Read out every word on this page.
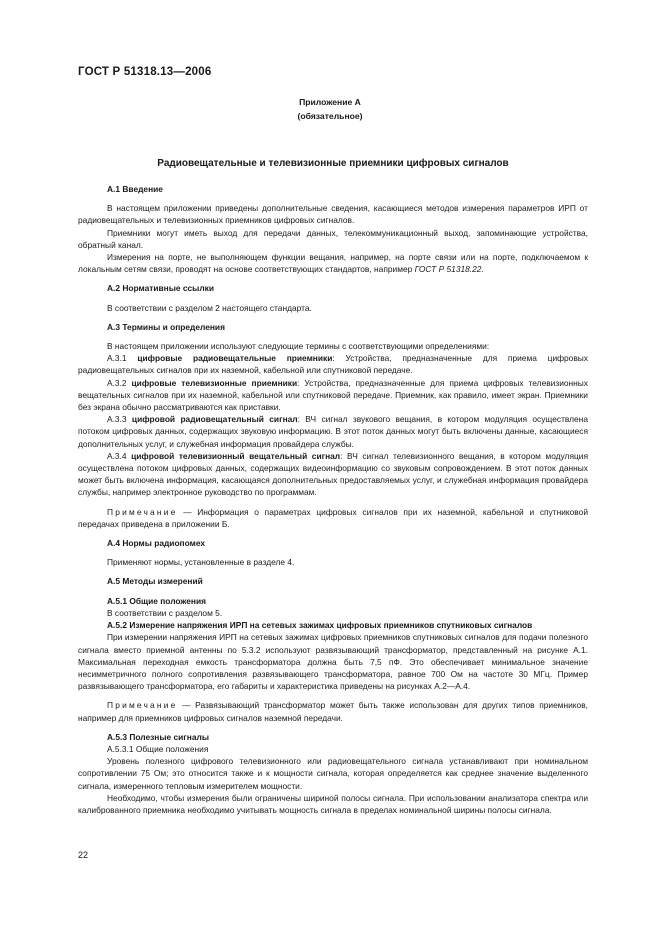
ГОСТ Р 51318.13—2006
Приложение А
(обязательное)
Радиовещательные и телевизионные приемники цифровых сигналов

А.1 Введение

В настоящем приложении приведены дополнительные сведения, касающиеся методов измерения параметров ИРП от радиовещательных и телевизионных приемников цифровых сигналов.

Приемники могут иметь выход для передачи данных, телекоммуникационный выход, запоминающие устройства, обратный канал.

Измерения на порте, не выполняющем функции вещания, например, на порте связи или на порте, подключаемом к локальным сетям связи, проводят на основе соответствующих стандартов, например ГОСТ Р 51318.22.

А.2 Нормативные ссылки

В соответствии с разделом 2 настоящего стандарта.

А.3 Термины и определения

В настоящем приложении используют следующие термины с соответствующими определениями:

А.3.1 цифровые радиовещательные приемники: Устройства, предназначенные для приема цифровых радиовещательных сигналов при их наземной, кабельной или спутниковой передаче.

А.3.2 цифровые телевизионные приемники: Устройства, предназначенные для приема цифровых телевизионных вещательных сигналов при их наземной, кабельной или спутниковой передаче. Приемник, как правило, имеет экран. Приемники без экрана обычно рассматриваются как приставки.

А.3.3 цифровой радиовещательный сигнал: ВЧ сигнал звукового вещания, в котором модуляция осуществлена потоком цифровых данных, содержащих звуковую информацию. В этот поток данных могут быть включены данные, касающиеся дополнительных услуг, и служебная информация провайдера службы.

А.3.4 цифровой телевизионный вещательный сигнал: ВЧ сигнал телевизионного вещания, в котором модуляция осуществлена потоком цифровых данных, содержащих видеоинформацию со звуковым сопровождением. В этот поток данных может быть включена информация, касающаяся дополнительных предоставляемых услуг, и служебная информация провайдера службы, например электронное руководство по программам.

Примечание — Информация о параметрах цифровых сигналов при их наземной, кабельной и спутниковой передачах приведена в приложении Б.

А.4 Нормы радиопомех

Применяют нормы, установленные в разделе 4.

А.5 Методы измерений

А.5.1 Общие положения

В соответствии с разделом 5.

А.5.2 Измерение напряжения ИРП на сетевых зажимах цифровых приемников спутниковых сигналов

При измерении напряжения ИРП на сетевых зажимах цифровых приемников спутниковых сигналов для подачи полезного сигнала вместо приемной антенны по 5.3.2 используют развязывающий трансформатор, представленный на рисунке А.1. Максимальная переходная емкость трансформатора должна быть 7,5 пФ. Это обеспечивает минимальное значение несимметричного полного сопротивления развязывающего трансформатора, равное 700 Ом на частоте 30 МГц. Пример развязывающего трансформатора, его габариты и характеристика приведены на рисунках А.2—А.4.

Примечание — Развязывающий трансформатор может быть также использован для других типов приемников, например для приемников цифровых сигналов наземной передачи.

А.5.3 Полезные сигналы

А.5.3.1 Общие положения

Уровень полезного цифрового телевизионного или радиовещательного сигнала устанавливают при номинальном сопротивлении 75 Ом; это относится также и к мощности сигнала, которая определяется как среднее значение выделенного сигнала, измеренного тепловым измерителем мощности.

Необходимо, чтобы измерения были ограничены шириной полосы сигнала. При использовании анализатора спектра или калиброванного приемника необходимо учитывать мощность сигнала в пределах номинальной ширины полосы сигнала.

22
